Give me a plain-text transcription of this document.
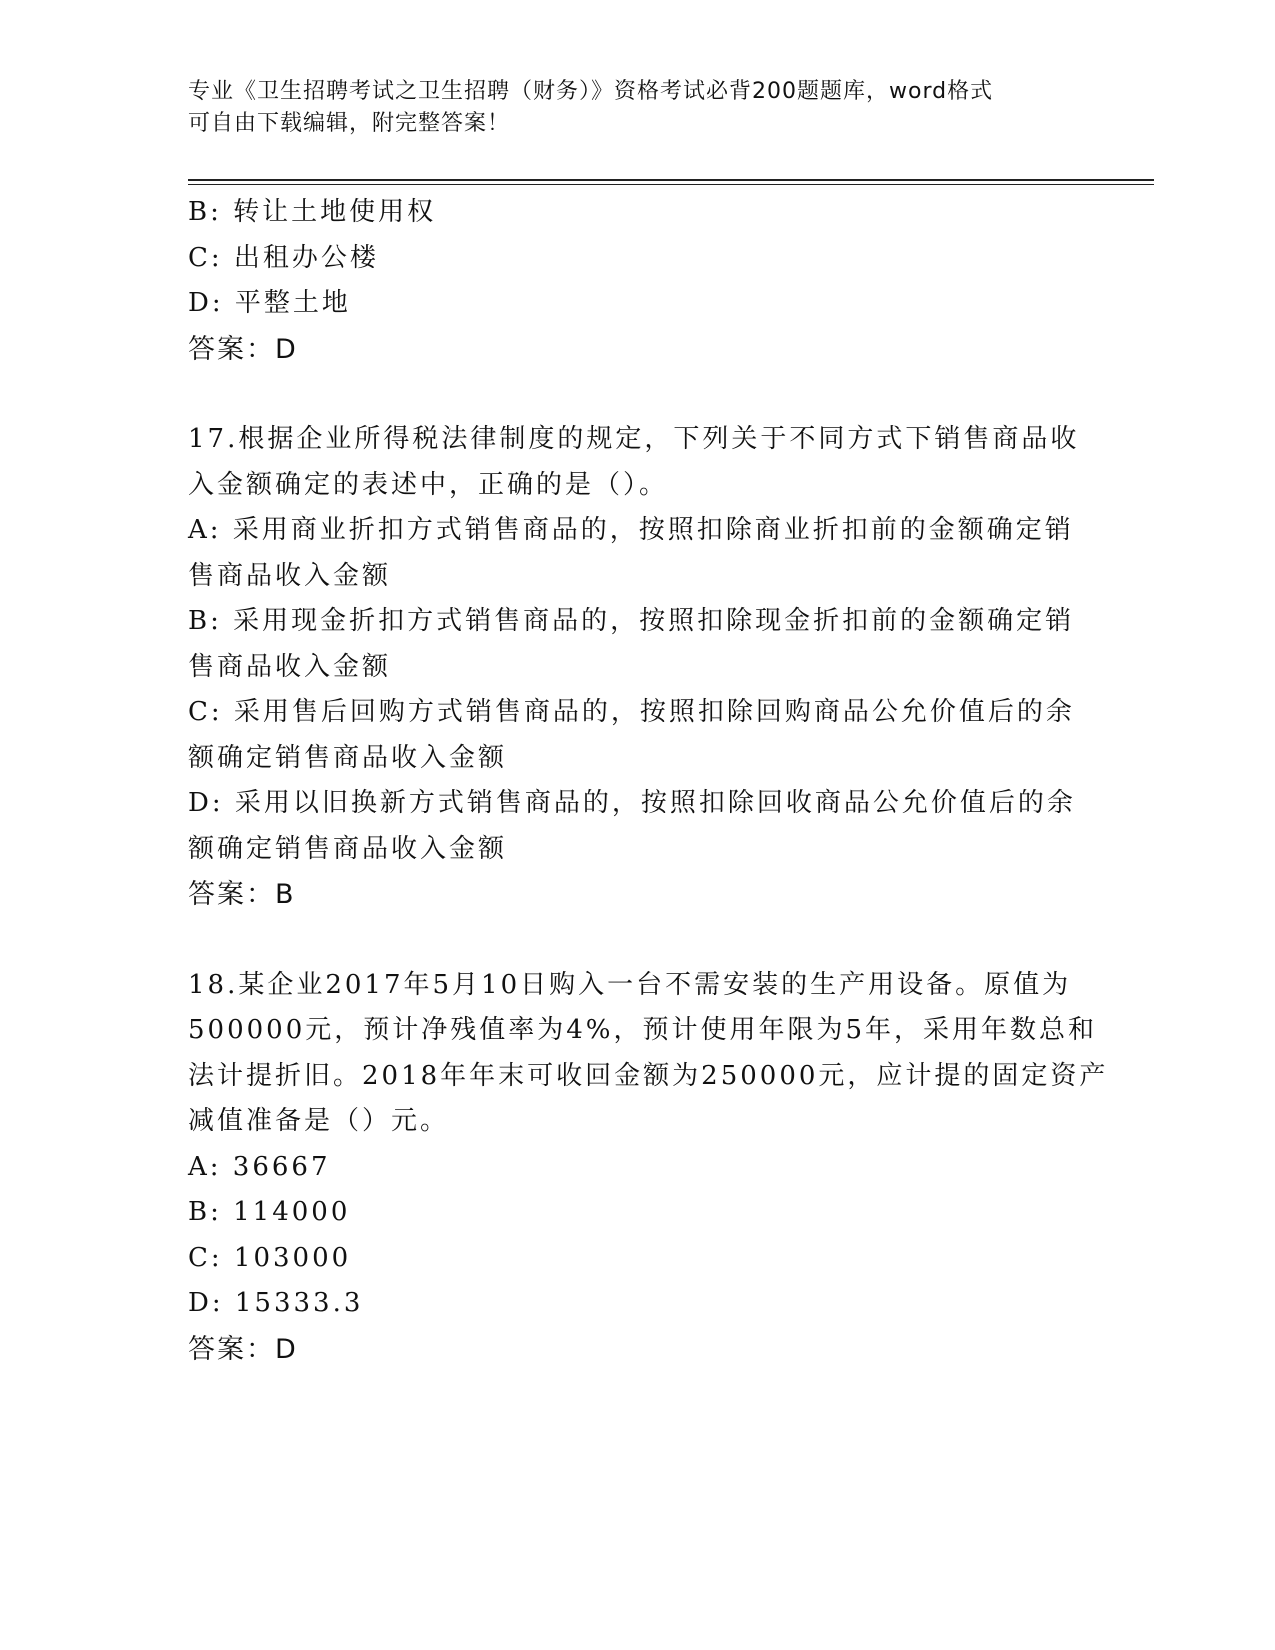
专业《卫生招聘考试之卫生招聘（财务）》资格考试必背200题题库，word格式
可自由下载编辑，附完整答案！
B: 转让土地使用权
C: 出租办公楼
D: 平整土地
答案：D
17.根据企业所得税法律制度的规定，下列关于不同方式下销售商品收
入金额确定的表述中，正确的是（）。
A: 采用商业折扣方式销售商品的，按照扣除商业折扣前的金额确定销
售商品收入金额
B: 采用现金折扣方式销售商品的，按照扣除现金折扣前的金额确定销
售商品收入金额
C: 采用售后回购方式销售商品的，按照扣除回购商品公允价值后的余
额确定销售商品收入金额
D: 采用以旧换新方式销售商品的，按照扣除回收商品公允价值后的余
额确定销售商品收入金额
答案：B
18.某企业2017年5月10日购入一台不需安装的生产用设备。原值为
500000元，预计净残值率为4%，预计使用年限为5年，采用年数总和
法计提折旧。2018年年末可收回金额为250000元，应计提的固定资产
减值准备是（）元。
A: 36667
B: 114000
C: 103000
D: 15333.3
答案：D
